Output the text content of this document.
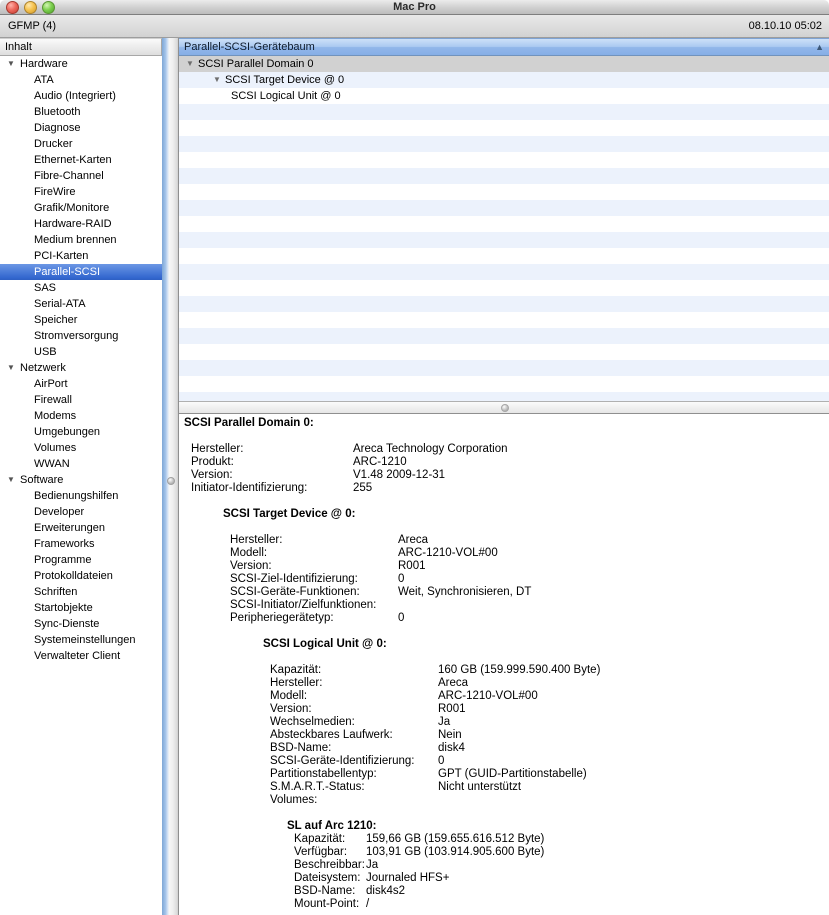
Mac Pro
GFMP (4)	08.10.10 05:02
Inhalt
▼ Hardware
ATA
Audio (Integriert)
Bluetooth
Diagnose
Drucker
Ethernet-Karten
Fibre-Channel
FireWire
Grafik/Monitore
Hardware-RAID
Medium brennen
PCI-Karten
Parallel-SCSI
SAS
Serial-ATA
Speicher
Stromversorgung
USB
▼ Netzwerk
AirPort
Firewall
Modems
Umgebungen
Volumes
WWAN
▼ Software
Bedienungshilfen
Developer
Erweiterungen
Frameworks
Programme
Protokolldateien
Schriften
Startobjekte
Sync-Dienste
Systemeinstellungen
Verwalteter Client
Parallel-SCSI-Gerätebaum	▲
▼ SCSI Parallel Domain 0
▼ SCSI Target Device @ 0
SCSI Logical Unit @ 0
SCSI Parallel Domain 0:
Hersteller:	Areca Technology Corporation
Produkt:	ARC-1210
Version:	V1.48 2009-12-31
Initiator-Identifizierung:	255
SCSI Target Device @ 0:
Hersteller:	Areca
Modell:	ARC-1210-VOL#00
Version:	R001
SCSI-Ziel-Identifizierung:	0
SCSI-Geräte-Funktionen:	Weit, Synchronisieren, DT
SCSI-Initiator/Zielfunktionen:
Peripheriegerätetyp:	0
SCSI Logical Unit @ 0:
Kapazität:	160 GB (159.999.590.400 Byte)
Hersteller:	Areca
Modell:	ARC-1210-VOL#00
Version:	R001
Wechselmedien:	Ja
Absteckbares Laufwerk:	Nein
BSD-Name:	disk4
SCSI-Geräte-Identifizierung:	0
Partitionstabellentyp:	GPT (GUID-Partitionstabelle)
S.M.A.R.T.-Status:	Nicht unterstützt
Volumes:
SL auf Arc 1210:
Kapazität:	159,66 GB (159.655.616.512 Byte)
Verfügbar:	103,91 GB (103.914.905.600 Byte)
Beschreibbar: Ja
Dateisystem: Journaled HFS+
BSD-Name: disk4s2
Mount-Point: /
